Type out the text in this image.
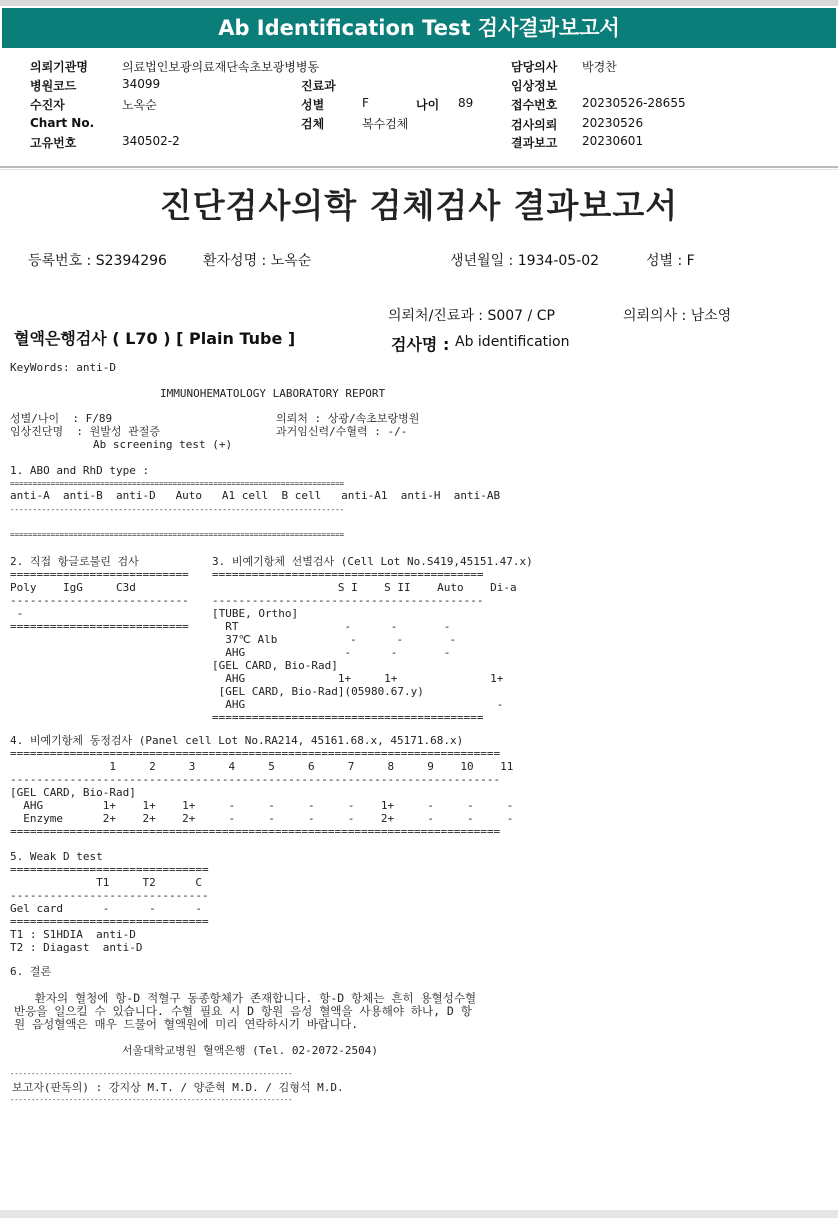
Ab Identification Test 검사결과보고서
의뢰기관명	의료법인보광의료재단속초보광병병동
병원코드	34099
수진자	노옥순
Chart No.
고유번호	340502-2
진료과
성별	F	나이 89
검체	복수검체
담당의사 박경찬
임상정보
접수번호 20230526-28655
검사의뢰 20230526
결과보고 20230601
진단검사의학 검체검사 결과보고서
등록번호 : S2394296	환자성명 : 노옥순	생년월일 : 1934-05-02	성별 : F
의뢰처/진료과 : S007 / CP	의뢰의사 : 남소영
혈액은행검사 ( L70 ) [ Plain Tube ]	검사명 : Ab identification
KeyWords: anti-D
IMMUNOHEMATOLOGY LABORATORY REPORT
성별/나이  : F/89	의뢰처 : 상광/속초보랑병원
임상진단명  : 원발성 관절증	과거임신력/수혈력 : -/-
Ab screening test (+)
1. ABO and RhD type :
==========================================================================
anti-A  anti-B  anti-D   Auto   A1 cell  B cell   anti-A1  anti-H  anti-AB
--------------------------------------------------------------------------
==========================================================================
2. 직접 항글로불린 검사
===========================
Poly    IgG     C3d
---------------------------
-
===========================
3. 비예기항체 선별검사 (Cell Lot No.S419,45151.47.x)
=========================================
S I    S II    Auto    Di-a
-----------------------------------------
[TUBE, Ortho]
RT                -      -       -
37℃ Alb           -      -       -
AHG               -      -       -
[GEL CARD, Bio-Rad]
AHG              1+     1+              1+
[GEL CARD, Bio-Rad](05980.67.y)
AHG                                      -
=========================================
4. 비예기항체 동정검사 (Panel cell Lot No.RA214, 45161.68.x, 45171.68.x)
==========================================================================
1     2     3     4     5     6     7     8     9    10    11
--------------------------------------------------------------------------
[GEL CARD, Bio-Rad]
AHG         1+    1+    1+     -     -     -     -    1+     -     -     -
Enzyme      2+    2+    2+     -     -     -     -    2+     -     -     -
==========================================================================
5. Weak D test
==============================
T1     T2      C
------------------------------
Gel card      -      -      -
==============================
T1 : S1HDIA  anti-D
T2 : Diagast  anti-D
6. 결론
환자의 혈청에 항-D 적혈구 동종항체가 존재합니다. 항-D 항체는 흔히 용혈성수혈
반응을 일으킬 수 있습니다. 수혈 필요 시 D 항원 음성 혈액을 사용해야 하나, D 항
원 음성혈액은 매우 드물어 혈액원에 미리 연락하시기 바랍니다.
서울대학교병원 혈액은행 (Tel. 02-2072-2504)
-------------------------------------------------------------------
보고자(판독의) : 강지상 M.T. / 양준혁 M.D. / 김형석 M.D.
-------------------------------------------------------------------
